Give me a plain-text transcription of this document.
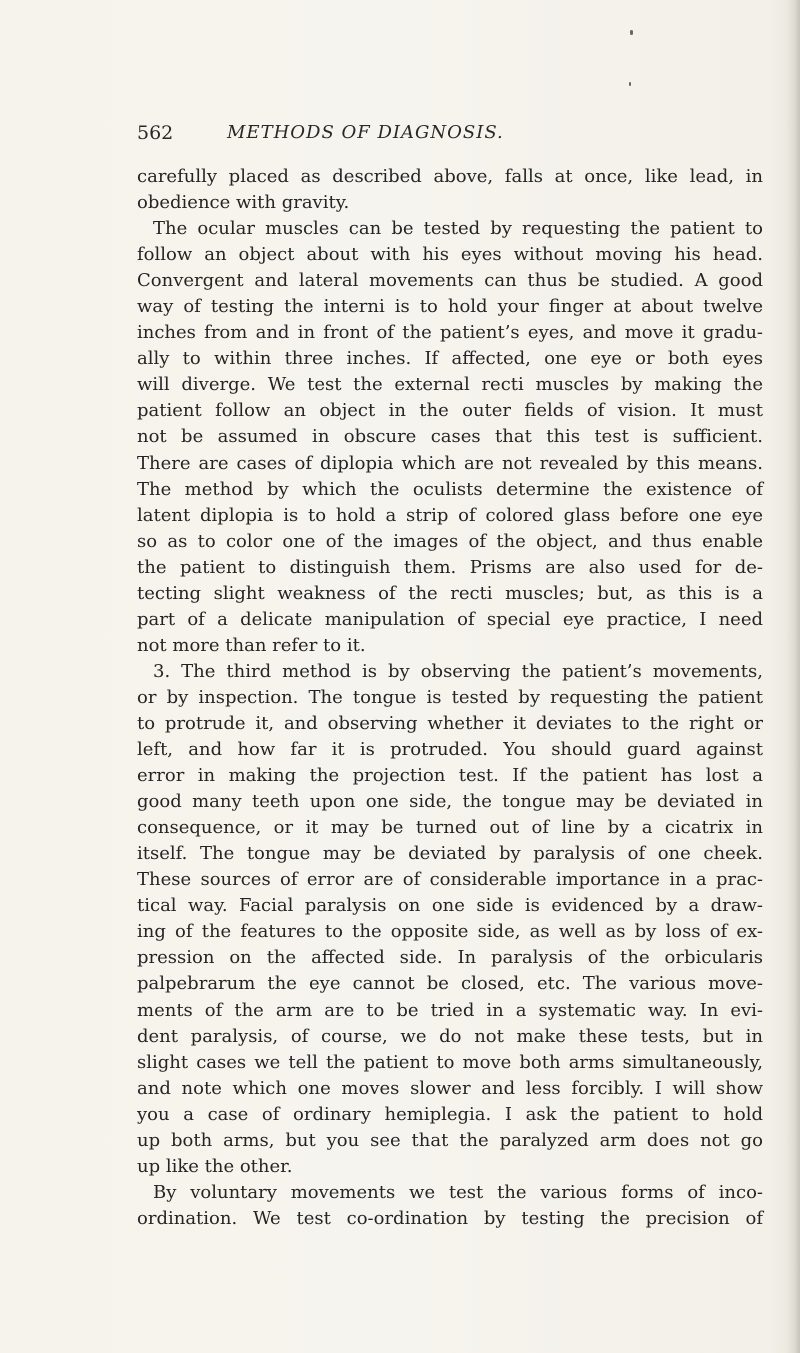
562	METHODS OF DIAGNOSIS.
carefully placed as described above, falls at once, like lead, in
obedience with gravity.
The ocular muscles can be tested by requesting the patient to
follow an object about with his eyes without moving his head.
Convergent and lateral movements can thus be studied. A good
way of testing the interni is to hold your finger at about twelve
inches from and in front of the patient’s eyes, and move it gradu-
ally to within three inches. If affected, one eye or both eyes
will diverge. We test the external recti muscles by making the
patient follow an object in the outer fields of vision. It must
not be assumed in obscure cases that this test is sufficient.
There are cases of diplopia which are not revealed by this means.
The method by which the oculists determine the existence of
latent diplopia is to hold a strip of colored glass before one eye
so as to color one of the images of the object, and thus enable
the patient to distinguish them. Prisms are also used for de-
tecting slight weakness of the recti muscles; but, as this is a
part of a delicate manipulation of special eye practice, I need
not more than refer to it.
3. The third method is by observing the patient’s movements,
or by inspection. The tongue is tested by requesting the patient
to protrude it, and observing whether it deviates to the right or
left, and how far it is protruded. You should guard against
error in making the projection test. If the patient has lost a
good many teeth upon one side, the tongue may be deviated in
consequence, or it may be turned out of line by a cicatrix in
itself. The tongue may be deviated by paralysis of one cheek.
These sources of error are of considerable importance in a prac-
tical way. Facial paralysis on one side is evidenced by a draw-
ing of the features to the opposite side, as well as by loss of ex-
pression on the affected side. In paralysis of the orbicularis
palpebrarum the eye cannot be closed, etc. The various move-
ments of the arm are to be tried in a systematic way. In evi-
dent paralysis, of course, we do not make these tests, but in
slight cases we tell the patient to move both arms simultaneously,
and note which one moves slower and less forcibly. I will show
you a case of ordinary hemiplegia. I ask the patient to hold
up both arms, but you see that the paralyzed arm does not go
up like the other.
By voluntary movements we test the various forms of inco-
ordination. We test co-ordination by testing the precision of
